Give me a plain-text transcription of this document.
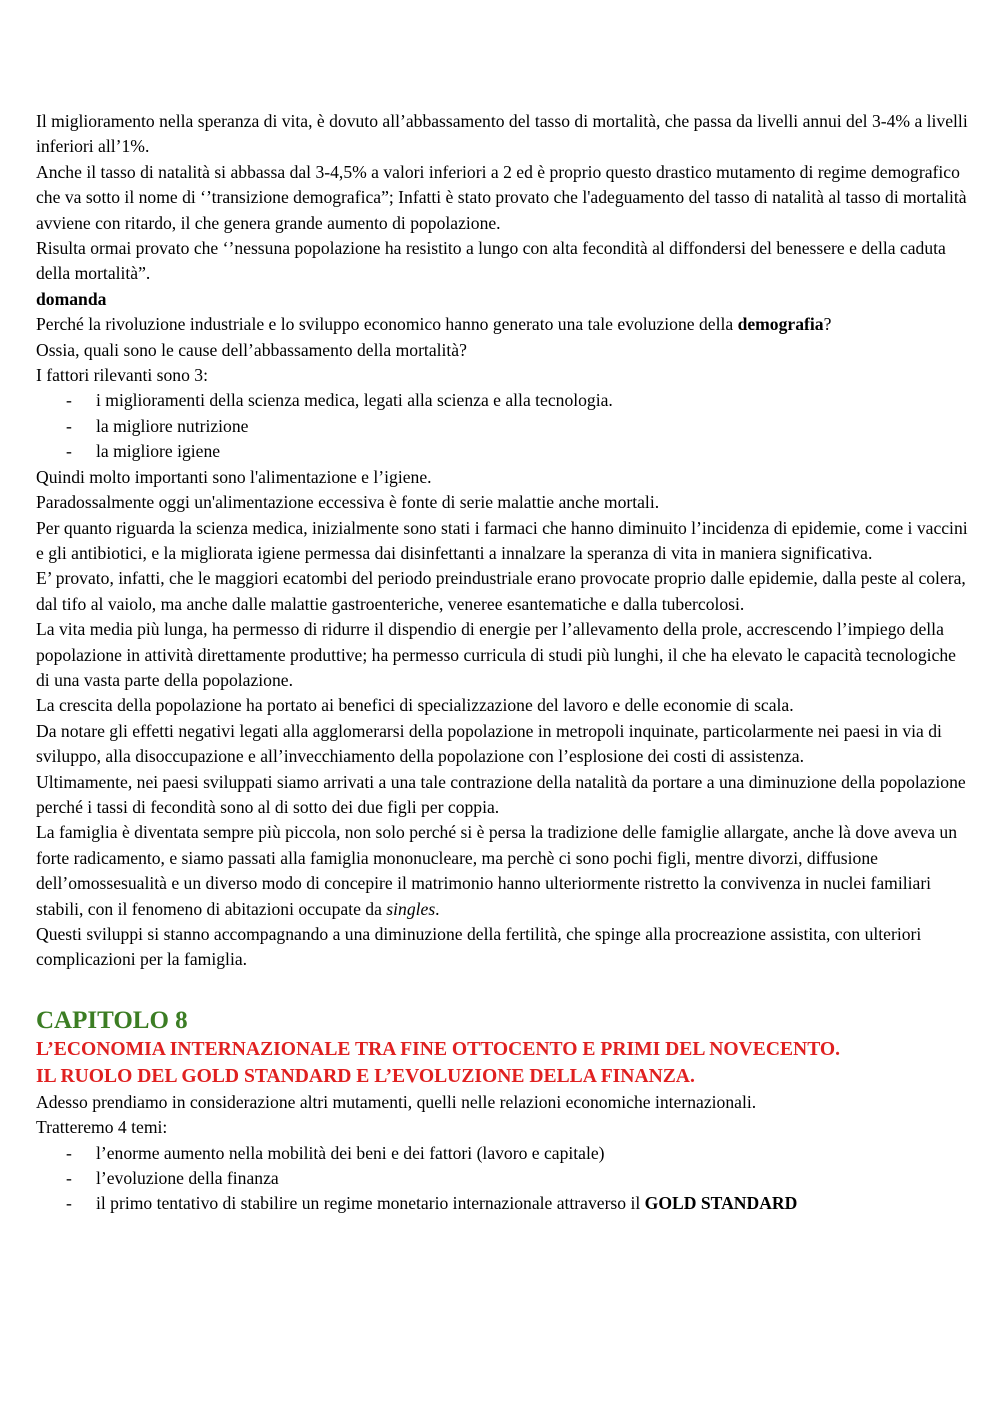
Il miglioramento nella speranza di vita, è dovuto all’abbassamento del tasso di mortalità, che passa da livelli annui del 3-4% a livelli inferiori all’1%.

Anche il tasso di natalità si abbassa dal 3-4,5% a valori inferiori a 2 ed è proprio questo drastico mutamento di regime demografico che va sotto il nome di ‘’transizione demografica”; Infatti è stato provato che l'adeguamento del tasso di natalità al tasso di mortalità avviene con ritardo, il che genera grande aumento di popolazione.

Risulta ormai provato che ‘’nessuna popolazione ha resistito a lungo con alta fecondità al diffondersi del benessere e della caduta della mortalità”.

domanda

Perché la rivoluzione industriale e lo sviluppo economico hanno generato una tale evoluzione della demografia?

Ossia, quali sono le cause dell’abbassamento della mortalità?

I fattori rilevanti sono 3:

- i miglioramenti della scienza medica, legati alla scienza e alla tecnologia.
- la migliore nutrizione
- la migliore igiene

Quindi molto importanti sono l'alimentazione e l’igiene.

Paradossalmente oggi un'alimentazione eccessiva è fonte di serie malattie anche mortali.

Per quanto riguarda la scienza medica, inizialmente sono stati i farmaci che hanno diminuito l’incidenza di epidemie, come i vaccini e gli antibiotici, e la migliorata igiene permessa dai disinfettanti a innalzare la speranza di vita in maniera significativa.

E’ provato, infatti, che le maggiori ecatombi del periodo preindustriale erano provocate proprio dalle epidemie, dalla peste al colera, dal tifo al vaiolo, ma anche dalle malattie gastroenteriche, veneree esantematiche e dalla tubercolosi.

La vita media più lunga, ha permesso di ridurre il dispendio di energie per l’allevamento della prole, accrescendo l’impiego della popolazione in attività direttamente produttive; ha permesso curricula di studi più lunghi, il che ha elevato le capacità tecnologiche di una vasta parte della popolazione.

La crescita della popolazione ha portato ai benefici di specializzazione del lavoro e delle economie di scala.

Da notare gli effetti negativi legati alla agglomerarsi della popolazione in metropoli inquinate, particolarmente nei paesi in via di sviluppo, alla disoccupazione e all’invecchiamento della popolazione con l’esplosione dei costi di assistenza.

Ultimamente, nei paesi sviluppati siamo arrivati a una tale contrazione della natalità da portare a una diminuzione della popolazione perché i tassi di fecondità sono al di sotto dei due figli per coppia.

La famiglia è diventata sempre più piccola, non solo perché si è persa la tradizione delle famiglie allargate, anche là dove aveva un forte radicamento, e siamo passati alla famiglia mononucleare, ma perchè ci sono pochi figli, mentre divorzi, diffusione dell’omossesualità e un diverso modo di concepire il matrimonio hanno ulteriormente ristretto la convivenza in nuclei familiari stabili, con il fenomeno di abitazioni occupate da singles.

Questi sviluppi si stanno accompagnando a una diminuzione della fertilità, che spinge alla procreazione assistita, con ulteriori complicazioni per la famiglia.

CAPITOLO 8

L’ECONOMIA INTERNAZIONALE TRA FINE OTTOCENTO E PRIMI DEL NOVECENTO.

IL RUOLO DEL GOLD STANDARD E L’EVOLUZIONE DELLA FINANZA.

Adesso prendiamo in considerazione altri mutamenti, quelli nelle relazioni economiche internazionali.

Tratteremo 4 temi:

- l’enorme aumento nella mobilità dei beni e dei fattori (lavoro e capitale)
- l’evoluzione della finanza
- il primo tentativo di stabilire un regime monetario internazionale attraverso il GOLD STANDARD
